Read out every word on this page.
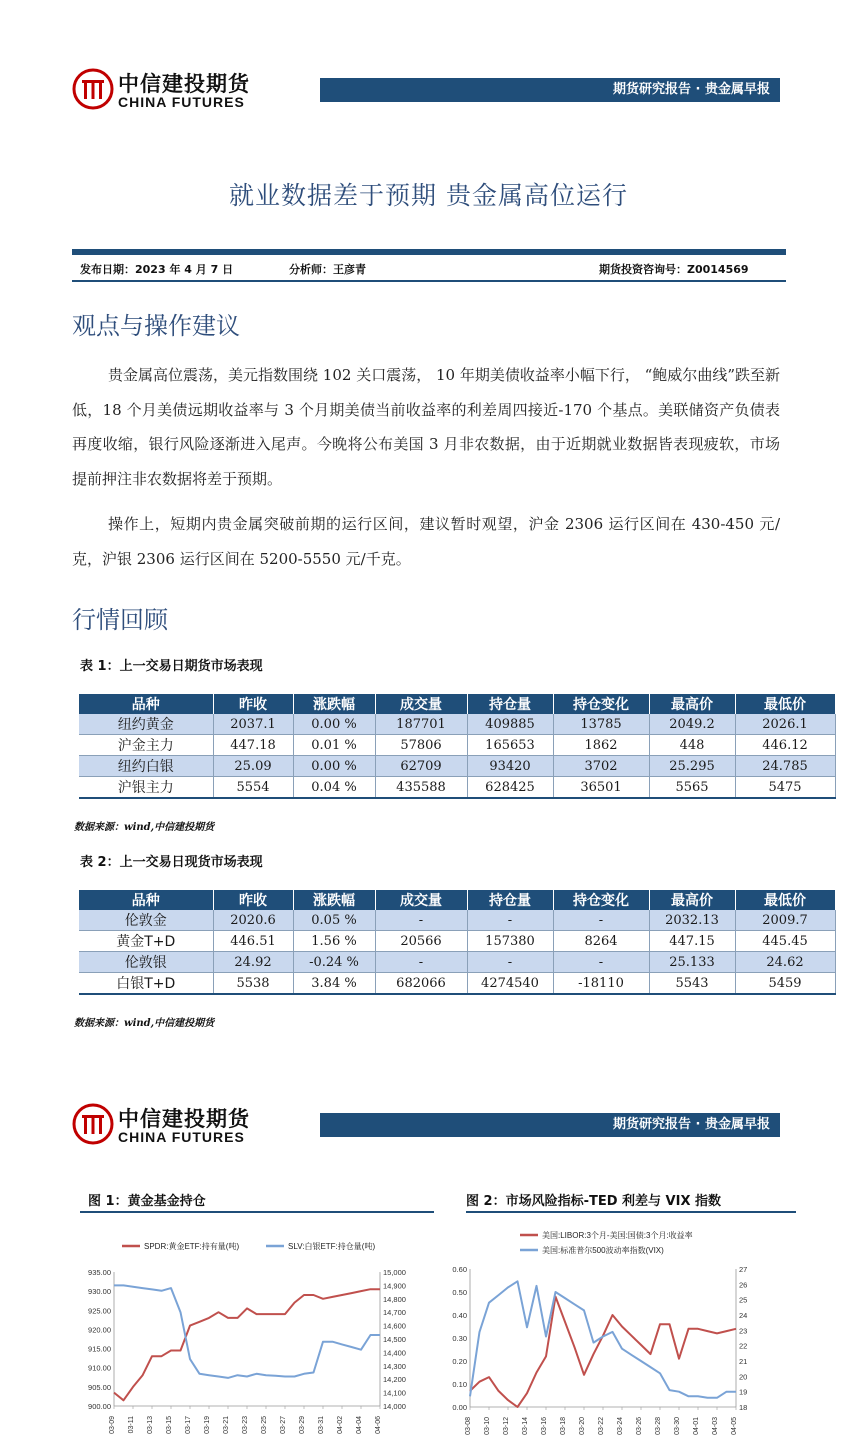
中信建投期货
CHINA FUTURES
期货研究报告 · 贵金属早报
就业数据差于预期 贵金属高位运行
发布日期：2023 年 4 月 7 日	分析师：王彦青	期货投资咨询号：Z0014569
观点与操作建议

贵金属高位震荡，美元指数围绕 102 关口震荡， 10 年期美债收益率小幅下行， “鲍威尔曲线”跌至新低，18 个月美债远期收益率与 3 个月期美债当前收益率的利差周四接近-170 个基点。美联储资产负债表再度收缩，银行风险逐渐进入尾声。今晚将公布美国 3 月非农数据，由于近期就业数据皆表现疲软，市场提前押注非农数据将差于预期。

操作上，短期内贵金属突破前期的运行区间，建议暂时观望，沪金 2306 运行区间在 430-450 元/克，沪银 2306 运行区间在 5200-5550 元/千克。

行情回顾
表 1：上一交易日期货市场表现
品种	昨收	涨跌幅	成交量	持仓量	持仓变化	最高价	最低价
纽约黄金	2037.1	0.00 %	187701	409885	13785	2049.2	2026.1
沪金主力	447.18	0.01 %	57806	165653	1862	448	446.12
纽约白银	25.09	0.00 %	62709	93420	3702	25.295	24.785
沪银主力	5554	0.04 %	435588	628425	36501	5565	5475
数据来源：wind,中信建投期货
表 2：上一交易日现货市场表现
品种	昨收	涨跌幅	成交量	持仓量	持仓变化	最高价	最低价
伦敦金	2020.6	0.05 %	-	-	-	2032.13	2009.7
黄金T+D	446.51	1.56 %	20566	157380	8264	447.15	445.45
伦敦银	24.92	-0.24 %	-	-	-	25.133	24.62
白银T+D	5538	3.84 %	682066	4274540	-18110	5543	5459
数据来源：wind,中信建投期货
中信建投期货
CHINA FUTURES
期货研究报告 · 贵金属早报
图 1：黄金基金持仓	图 2：市场风险指标-TED 利差与 VIX 指数
SPDR:黄金ETF:持有量(吨)	SLV:白银ETF:持仓量(吨)
900.00
905.00
910.00
915.00
920.00
925.00
930.00
935.00
14,000
14,100
14,200
14,300
14,400
14,500
14,600
14,700
14,800
14,900
15,000
03-09 03-11 03-13 03-15 03-17 03-19 03-21 03-23 03-25 03-27 03-29 03-31 04-02 04-04 04-06
美国:LIBOR:3个月-美国:国债:3个月:收益率
美国:标准普尔500波动率指数(VIX)
0.00
0.10
0.20
0.30
0.40
0.50
0.60
18
19
20
21
22
23
24
25
26
27
03-08 03-10 03-12 03-14 03-16 03-18 03-20 03-22 03-24 03-26 03-28 03-30 04-01 04-03 04-05
